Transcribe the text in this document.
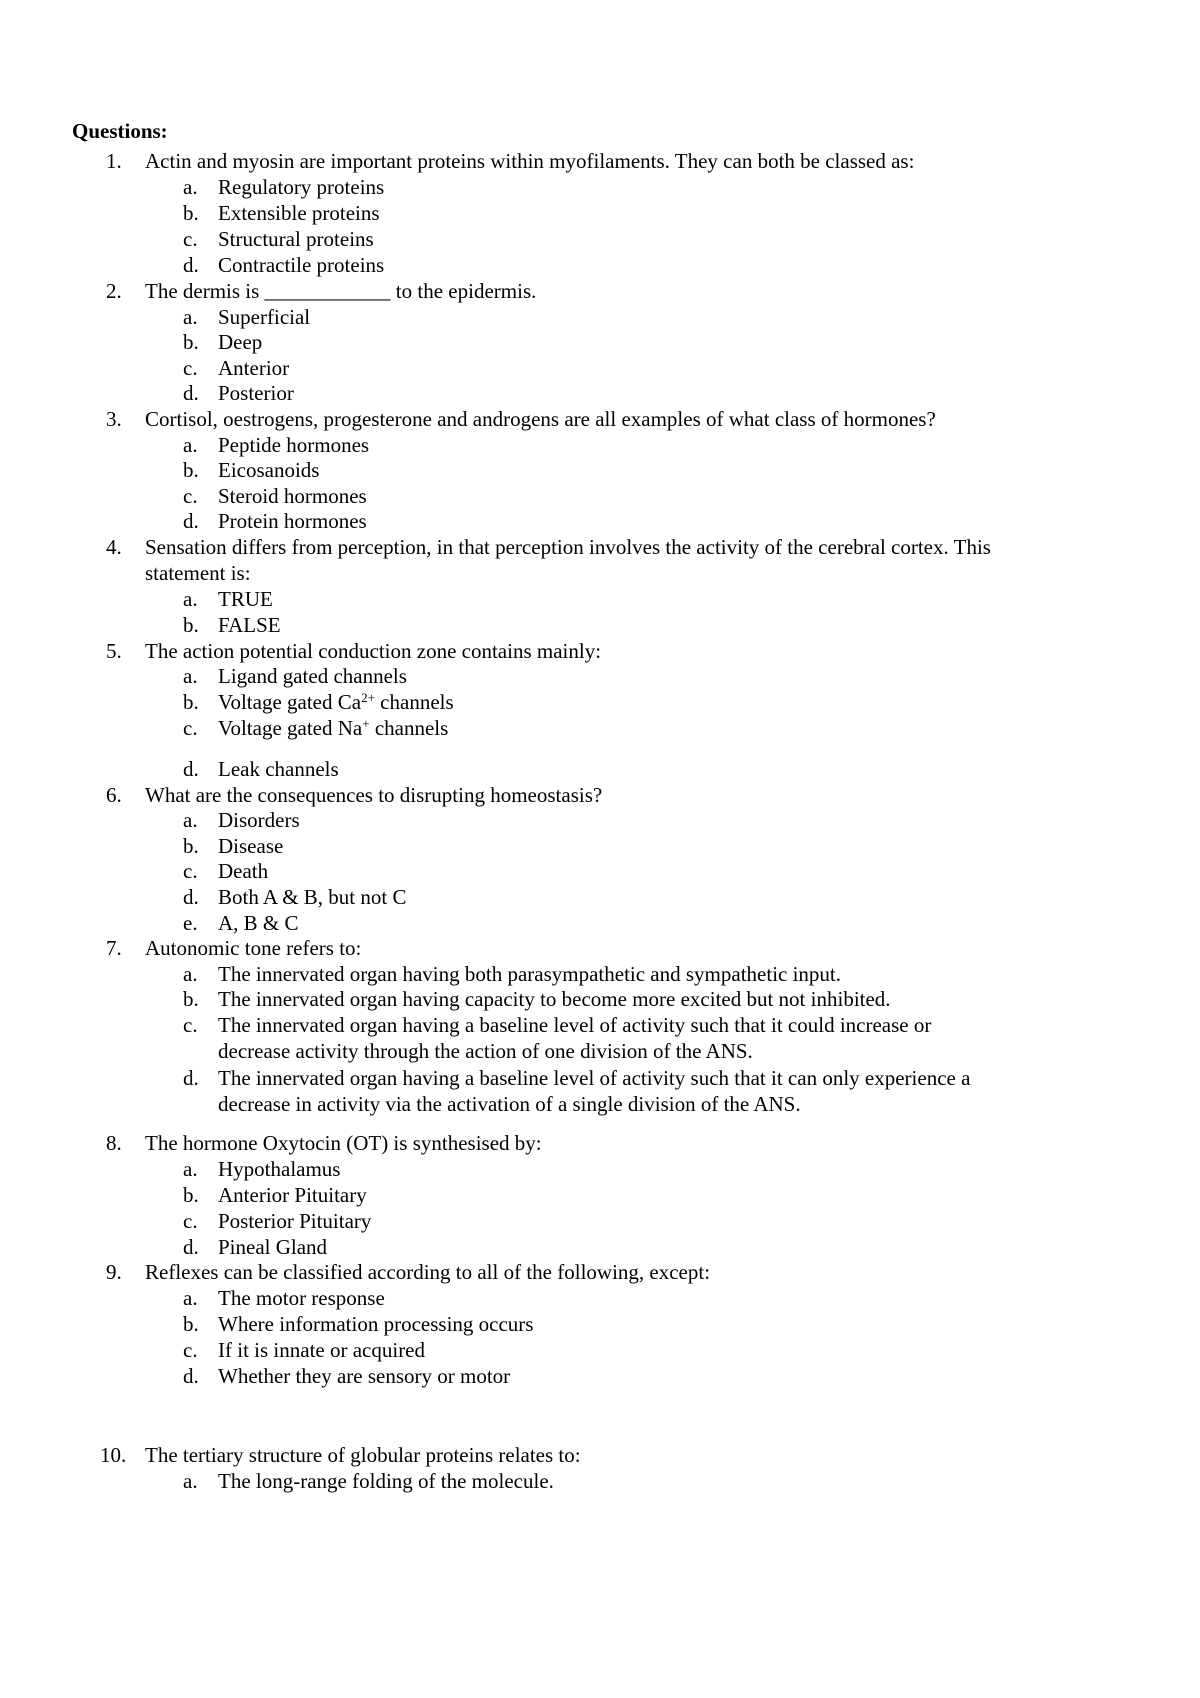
Questions:
1.	Actin and myosin are important proteins within myofilaments. They can both be classed as:
a. Regulatory proteins
b. Extensible proteins
c. Structural proteins
d. Contractile proteins
2.	The dermis is ____________ to the epidermis.
a. Superficial
b. Deep
c. Anterior
d. Posterior
3.	Cortisol, oestrogens, progesterone and androgens are all examples of what class of hormones?
a. Peptide hormones
b. Eicosanoids
c. Steroid hormones
d. Protein hormones
4.	Sensation differs from perception, in that perception involves the activity of the cerebral cortex. This
statement is:
a. TRUE
b. FALSE
5.	The action potential conduction zone contains mainly:
a. Ligand gated channels
b. Voltage gated $Ca^{2+}$ channels
c. Voltage gated Na+ channels
d. Leak channels
6.	What are the consequences to disrupting homeostasis?
a. Disorders
b. Disease
c. Death
d. Both A & B, but not C
e. A, B & C
7.	Autonomic tone refers to:
a. The innervated organ having both parasympathetic and sympathetic input.
b. The innervated organ having capacity to become more excited but not inhibited.
c. The innervated organ having a baseline level of activity such that it could increase or
decrease activity through the action of one division of the ANS.
d. The innervated organ having a baseline level of activity such that it can only experience a
decrease in activity via the activation of a single division of the ANS.
8.	The hormone Oxytocin (OT) is synthesised by:
a. Hypothalamus
b. Anterior Pituitary
c. Posterior Pituitary
d. Pineal Gland
9.	Reflexes can be classified according to all of the following, except:
a. The motor response
b. Where information processing occurs
c. If it is innate or acquired
d. Whether they are sensory or motor
10. The tertiary structure of globular proteins relates to:
a. The long-range folding of the molecule.
